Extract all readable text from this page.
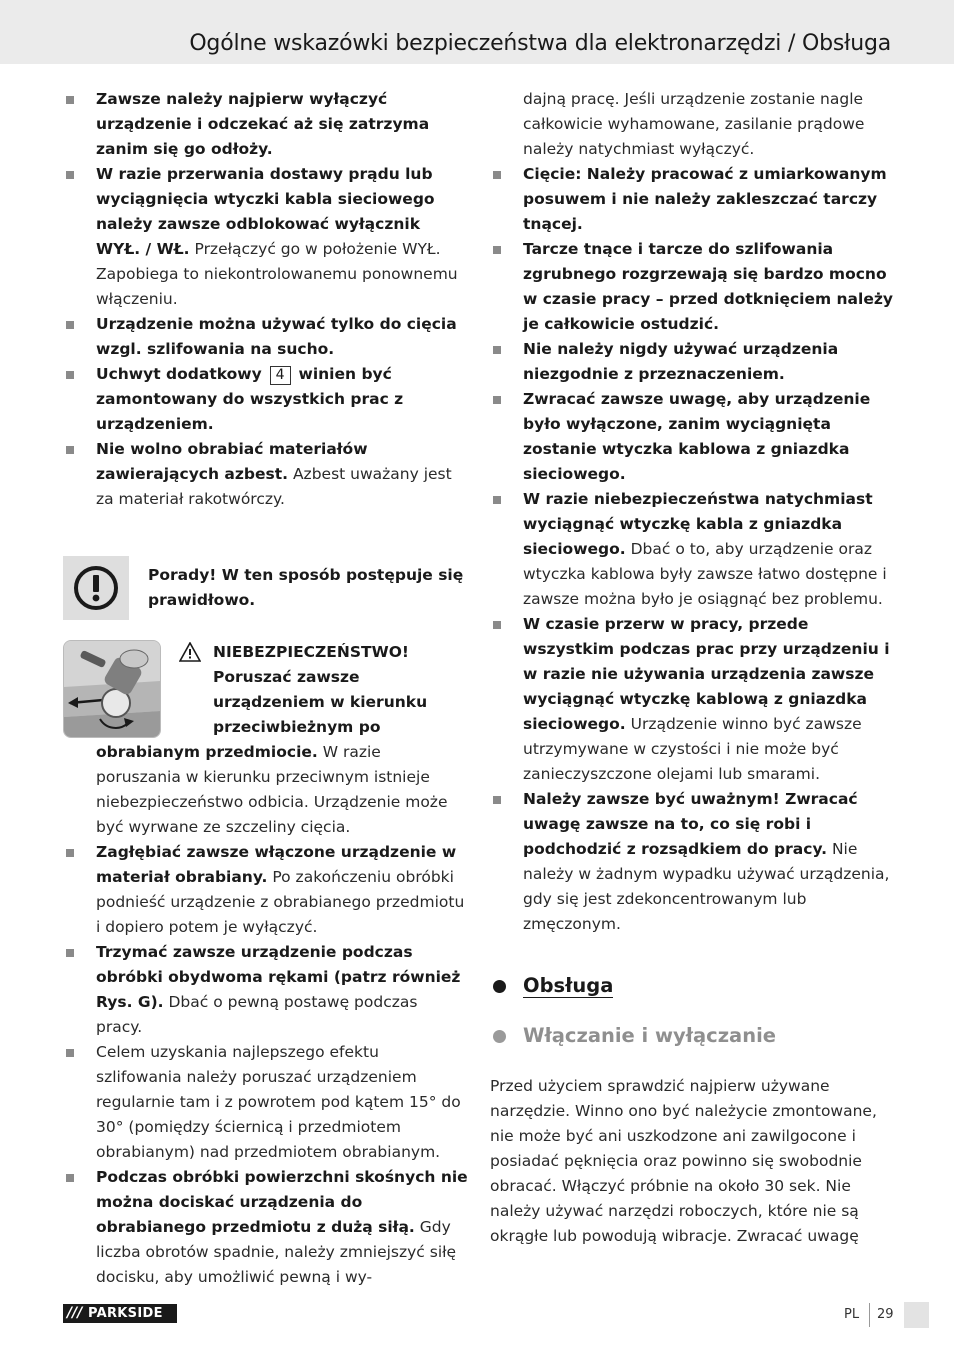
Ogólne wskazówki bezpieczeństwa dla elektronarzędzi / Obsługa
Zawsze należy najpierw wyłączyć urządzenie i odczekać aż się zatrzyma zanim się go odłoży.
W razie przerwania dostawy prądu lub wyciągnięcia wtyczki kabla sieciowego należy zawsze odblokować wyłącznik WYŁ. / WŁ. Przełączyć go w położenie WYŁ. Zapobiega to niekontrolowanemu ponownemu włączeniu.
Urządzenie można używać tylko do cięcia wzgl. szlifowania na sucho.
Uchwyt dodatkowy 4 winien być zamontowany do wszystkich prac z urządzeniem.
Nie wolno obrabiać materiałów zawierających azbest. Azbest uważany jest za materiał rakotwórczy.
Porady! W ten sposób postępuje się prawidłowo.
NIEBEZPIECZEŃSTWO! Poruszać zawsze urządzeniem w kierunku przeciwbieżnym po
obrabianym przedmiocie. W razie poruszania w kierunku przeciwnym istnieje niebezpieczeństwo odbicia. Urządzenie może być wyrwane ze szczeliny cięcia.
Zagłębiać zawsze włączone urządzenie w materiał obrabiany. Po zakończeniu obróbki podnieść urządzenie z obrabianego przedmiotu i dopiero potem je wyłączyć.
Trzymać zawsze urządzenie podczas obróbki obydwoma rękami (patrz również Rys. G). Dbać o pewną postawę podczas pracy.
Celem uzyskania najlepszego efektu szlifowania należy poruszać urządzeniem regularnie tam i z powrotem pod kątem 15° do 30° (pomiędzy ściernicą i przedmiotem obrabianym) nad przedmiotem obrabianym.
Podczas obróbki powierzchni skośnych nie można dociskać urządzenia do obrabianego przedmiotu z dużą siłą. Gdy liczba obrotów spadnie, należy zmniejszyć siłę docisku, aby umożliwić pewną i wy-
dajną pracę. Jeśli urządzenie zostanie nagle całkowicie wyhamowane, zasilanie prądowe należy natychmiast wyłączyć.
Cięcie: Należy pracować z umiarkowanym posuwem i nie należy zakleszczać tarczy tnącej.
Tarcze tnące i tarcze do szlifowania zgrubnego rozgrzewają się bardzo mocno w czasie pracy – przed dotknięciem należy je całkowicie ostudzić.
Nie należy nigdy używać urządzenia niezgodnie z przeznaczeniem.
Zwracać zawsze uwagę, aby urządzenie było wyłączone, zanim wyciągnięta zostanie wtyczka kablowa z gniazdka sieciowego.
W razie niebezpieczeństwa natychmiast wyciągnąć wtyczkę kabla z gniazdka sieciowego. Dbać o to, aby urządzenie oraz wtyczka kablowa były zawsze łatwo dostępne i zawsze można było je osiągnąć bez problemu.
W czasie przerw w pracy, przede wszystkim podczas prac przy urządzeniu i w razie nie używania urządzenia zawsze wyciągnąć wtyczkę kablową z gniazdka sieciowego. Urządzenie winno być zawsze utrzymywane w czystości i nie może być zanieczyszczone olejami lub smarami.
Należy zawsze być uważnym! Zwracać uwagę zawsze na to, co się robi i podchodzić z rozsądkiem do pracy. Nie należy w żadnym wypadku używać urządzenia, gdy się jest zdekoncentrowanym lub zmęczonym.
Obsługa
Włączanie i wyłączanie
Przed użyciem sprawdzić najpierw używane narzędzie. Winno ono być należycie zmontowane, nie może być ani uszkodzone ani zawilgocone i posiadać pęknięcia oraz powinno się swobodnie obracać. Włączyć próbnie na około 30 sek. Nie należy używać narzędzi roboczych, które nie są okrągłe lub powodują wibracje. Zwracać uwagę
/// PARKSIDE	PL 29
